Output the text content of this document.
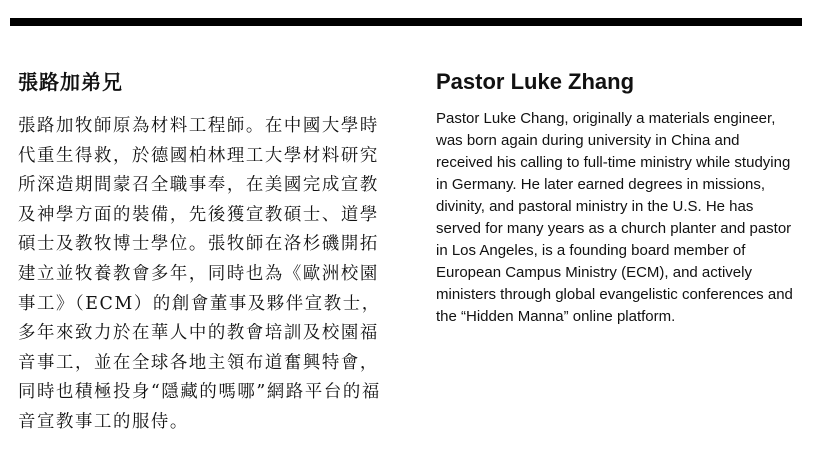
張路加弟兄

張路加牧師原為材料工程師。在中國大學時代重生得救，於德國柏林理工大學材料研究所深造期間蒙召全職事奉，在美國完成宣教及神學方面的裝備，先後獲宣教碩士、道學碩士及教牧博士學位。張牧師在洛杉磯開拓建立並牧養教會多年，同時也為《歐洲校園事工》（ECM）的創會董事及夥伴宣教士，多年來致力於在華人中的教會培訓及校園福音事工，並在全球各地主領布道奮興特會，同時也積極投身“隱藏的嗎哪”網路平台的福音宣教事工的服侍。

Pastor Luke Zhang

Pastor Luke Chang, originally a materials engineer, was born again during university in China and received his calling to full-time ministry while studying in Germany. He later earned degrees in missions, divinity, and pastoral ministry in the U.S. He has served for many years as a church planter and pastor in Los Angeles, is a founding board member of European Campus Ministry (ECM), and actively ministers through global evangelistic conferences and the “Hidden Manna” online platform.
